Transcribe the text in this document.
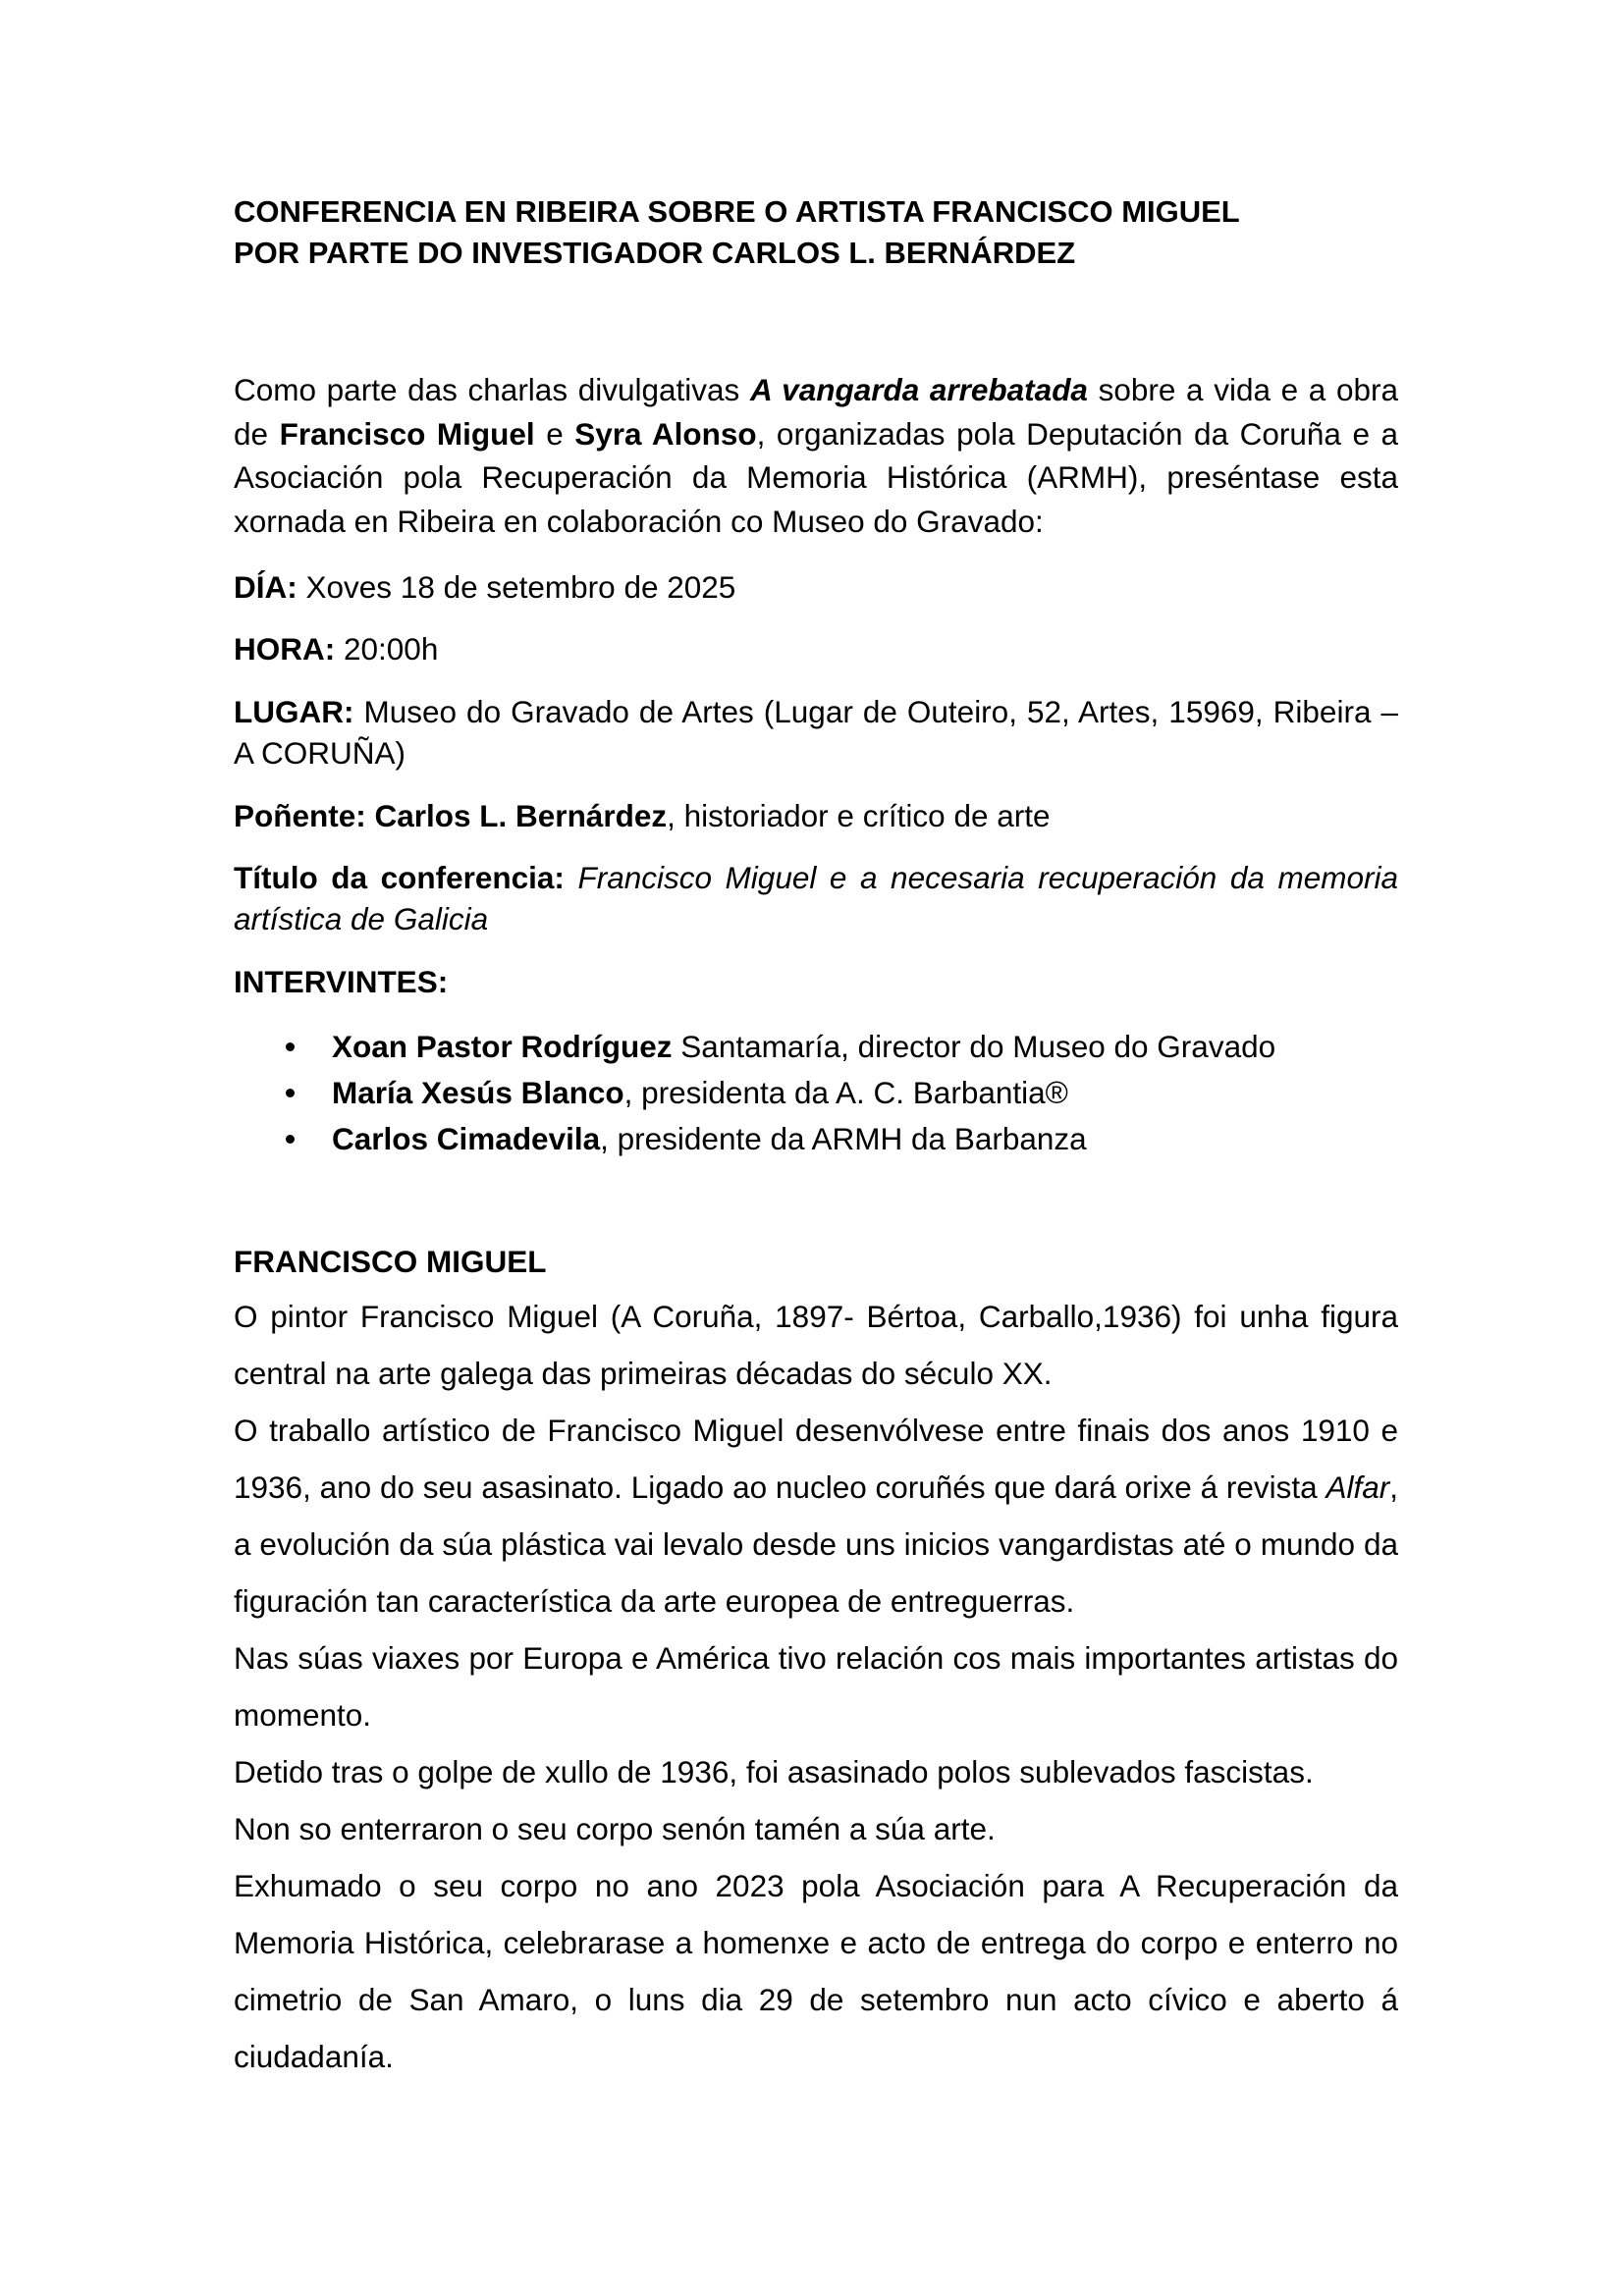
CONFERENCIA EN RIBEIRA SOBRE O ARTISTA FRANCISCO MIGUEL
POR PARTE DO INVESTIGADOR CARLOS L. BERNÁRDEZ

Como parte das charlas divulgativas A vangarda arrebatada sobre a vida e a obra de Francisco Miguel e Syra Alonso, organizadas pola Deputación da Coruña e a Asociación pola Recuperación da Memoria Histórica (ARMH), preséntase esta xornada en Ribeira en colaboración co Museo do Gravado:

DÍA: Xoves 18 de setembro de 2025

HORA: 20:00h

LUGAR: Museo do Gravado de Artes (Lugar de Outeiro, 52, Artes, 15969, Ribeira – A CORUÑA)

Poñente: Carlos L. Bernárdez, historiador e crítico de arte

Título da conferencia: Francisco Miguel e a necesaria recuperación da memoria artística de Galicia

INTERVINTES:

Xoan Pastor Rodríguez Santamaría, director do Museo do Gravado
María Xesús Blanco, presidenta da A. C. Barbantia®
Carlos Cimadevila, presidente da ARMH da Barbanza
FRANCISCO MIGUEL

O pintor Francisco Miguel (A Coruña, 1897- Bértoa, Carballo,1936) foi unha figura central na arte galega das primeiras décadas do século XX.

O traballo artístico de Francisco Miguel desenvólvese entre finais dos anos 1910 e 1936, ano do seu asasinato. Ligado ao nucleo coruñés que dará orixe á revista Alfar, a evolución da súa plástica vai levalo desde uns inicios vangardistas até o mundo da figuración tan característica da arte europea de entreguerras.

Nas súas viaxes por Europa e América tivo relación cos mais importantes artistas do momento.

Detido tras o golpe de xullo de 1936, foi asasinado polos sublevados fascistas.

Non so enterraron o seu corpo senón tamén a súa arte.

Exhumado o seu corpo no ano 2023 pola Asociación para A Recuperación da Memoria Histórica, celebrarase a homenxe e acto de entrega do corpo e enterro no cimetrio de San Amaro, o luns dia 29 de setembro nun acto cívico e aberto á ciudadanía.
